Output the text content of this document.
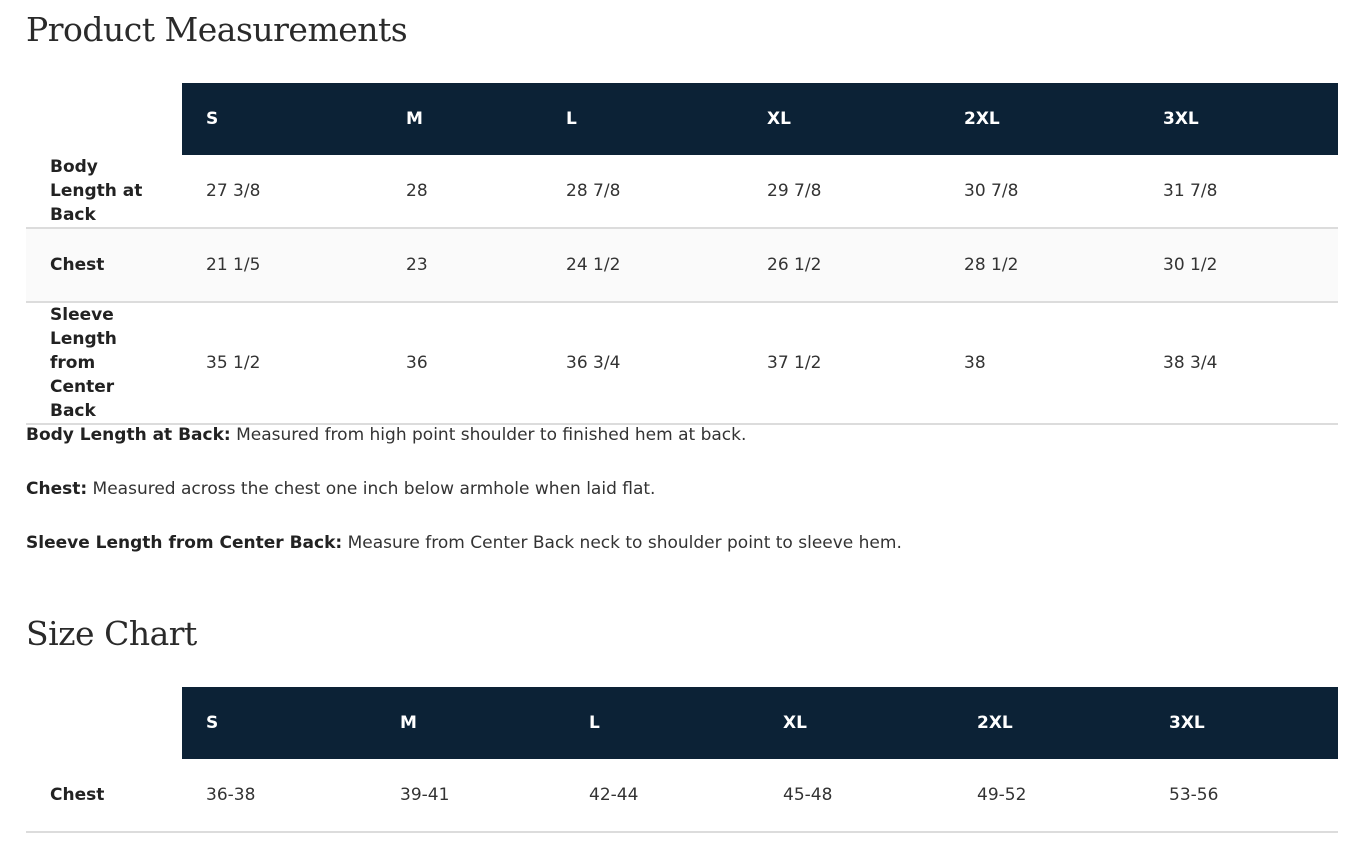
Product Measurements
	S	M	L	XL	2XL	3XL
Body Length at Back	27 3/8	28	28 7/8	29 7/8	30 7/8	31 7/8
Chest	21 1/5	23	24 1/2	26 1/2	28 1/2	30 1/2
Sleeve Length from Center Back	35 1/2	36	36 3/4	37 1/2	38	38 3/4

Body Length at Back: Measured from high point shoulder to finished hem at back.

Chest: Measured across the chest one inch below armhole when laid flat.

Sleeve Length from Center Back: Measure from Center Back neck to shoulder point to sleeve hem.

Size Chart
	S	M	L	XL	2XL	3XL
Chest	36-38	39-41	42-44	45-48	49-52	53-56
